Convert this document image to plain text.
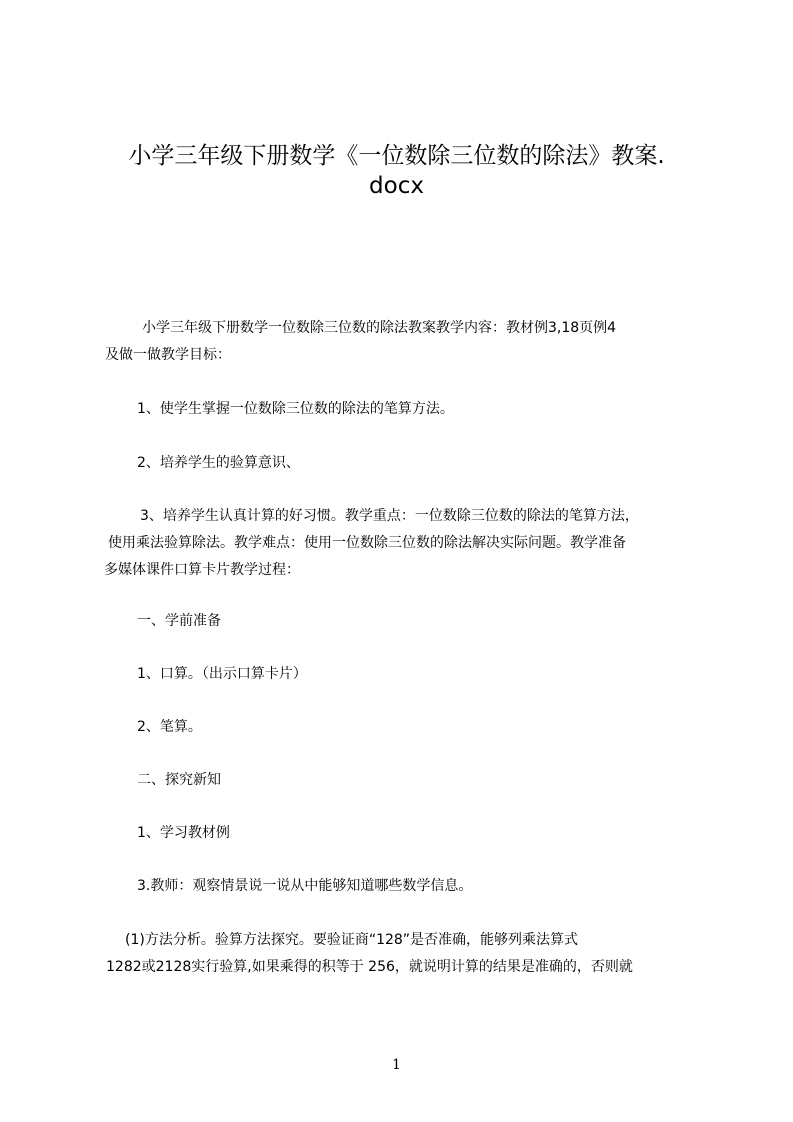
小学三年级下册数学《一位数除三位数的除法》教案.
docx
小学三年级下册数学一位数除三位数的除法教案教学内容：教材例3,18页例4
及做一做教学目标：
1、使学生掌握一位数除三位数的除法的笔算方法。
2、培养学生的验算意识、
3、培养学生认真计算的好习惯。教学重点：一位数除三位数的除法的笔算方法，
使用乘法验算除法。教学难点：使用一位数除三位数的除法解决实际问题。教学准备
多媒体课件口算卡片教学过程：
一、学前准备
1、口算。（出示口算卡片）
2、笔算。
二、探究新知
1、学习教材例
3.教师：观察情景说一说从中能够知道哪些数学信息。
(1)方法分析。验算方法探究。要验证商“128”是否准确，能够列乘法算式
1282或2128实行验算,如果乘得的积等于 256，就说明计算的结果是准确的，否则就
1
